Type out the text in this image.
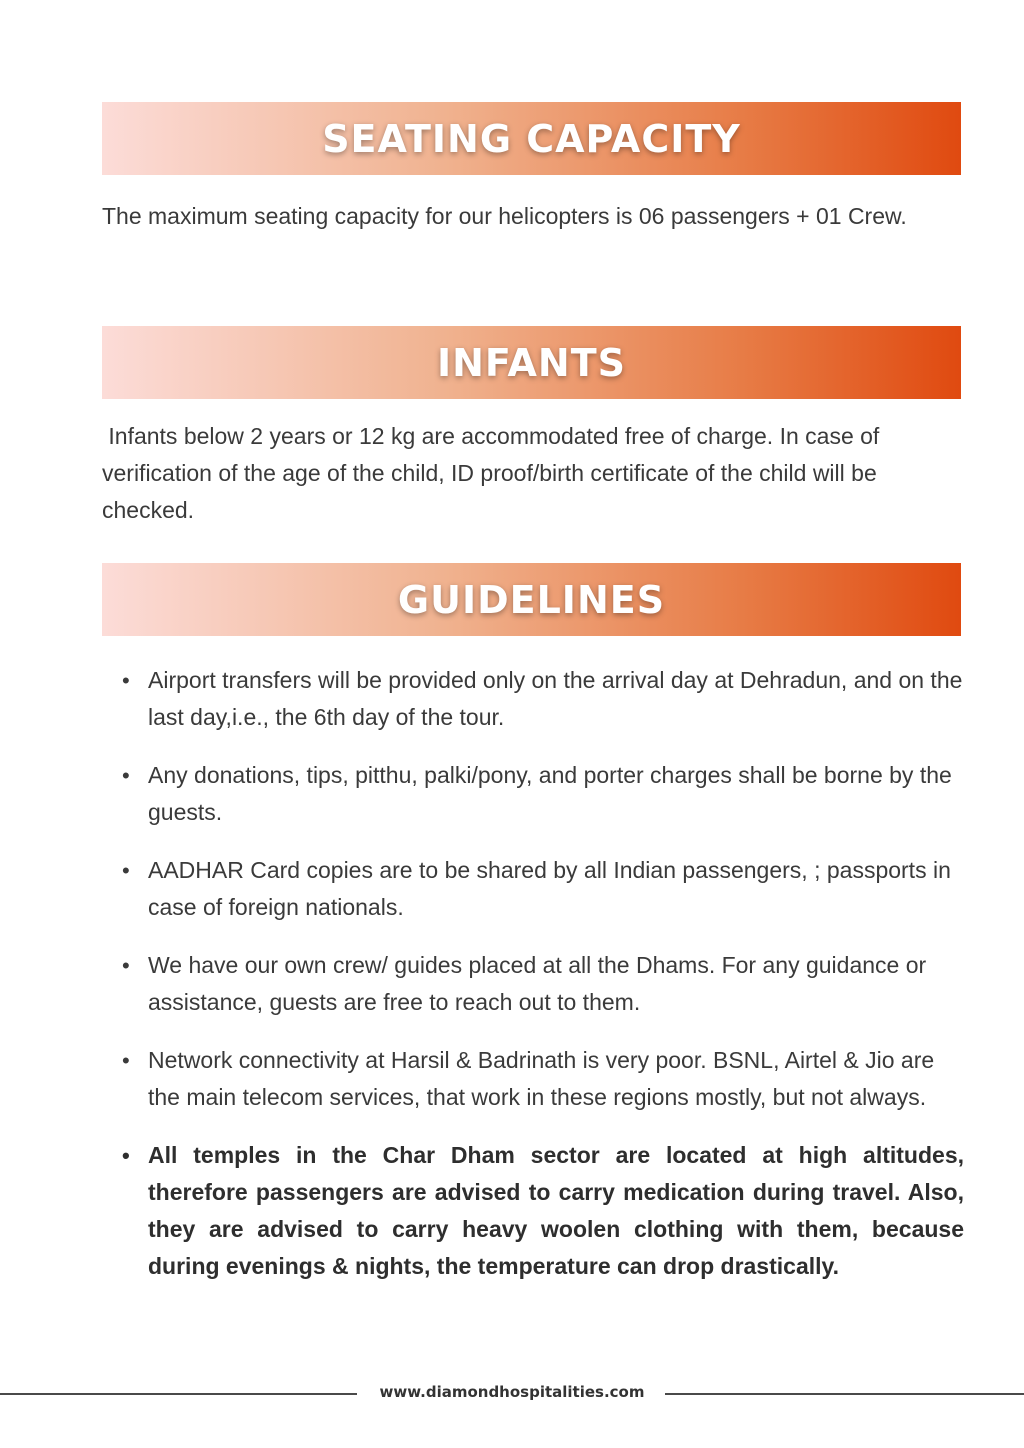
SEATING CAPACITY

The maximum seating capacity for our helicopters is 06 passengers + 01 Crew.

INFANTS

Infants below 2 years or 12 kg are accommodated free of charge. In case of verification of the age of the child, ID proof/birth certificate of the child will be checked.

GUIDELINES
• Airport transfers will be provided only on the arrival day at Dehradun, and on the last day,i.e., the 6th day of the tour.
• Any donations, tips, pitthu, palki/pony, and porter charges shall be borne by the guests.
• AADHAR Card copies are to be shared by all Indian passengers, ; passports in case of foreign nationals.
• We have our own crew/ guides placed at all the Dhams. For any guidance or assistance, guests are free to reach out to them.
• Network connectivity at Harsil & Badrinath is very poor. BSNL, Airtel & Jio are the main telecom services, that work in these regions mostly, but not always.
• All temples in the Char Dham sector are located at high altitudes, therefore passengers are advised to carry medication during travel. Also, they are advised to carry heavy woolen clothing with them, because during evenings & nights, the temperature can drop drastically.
www.diamondhospitalities.com
